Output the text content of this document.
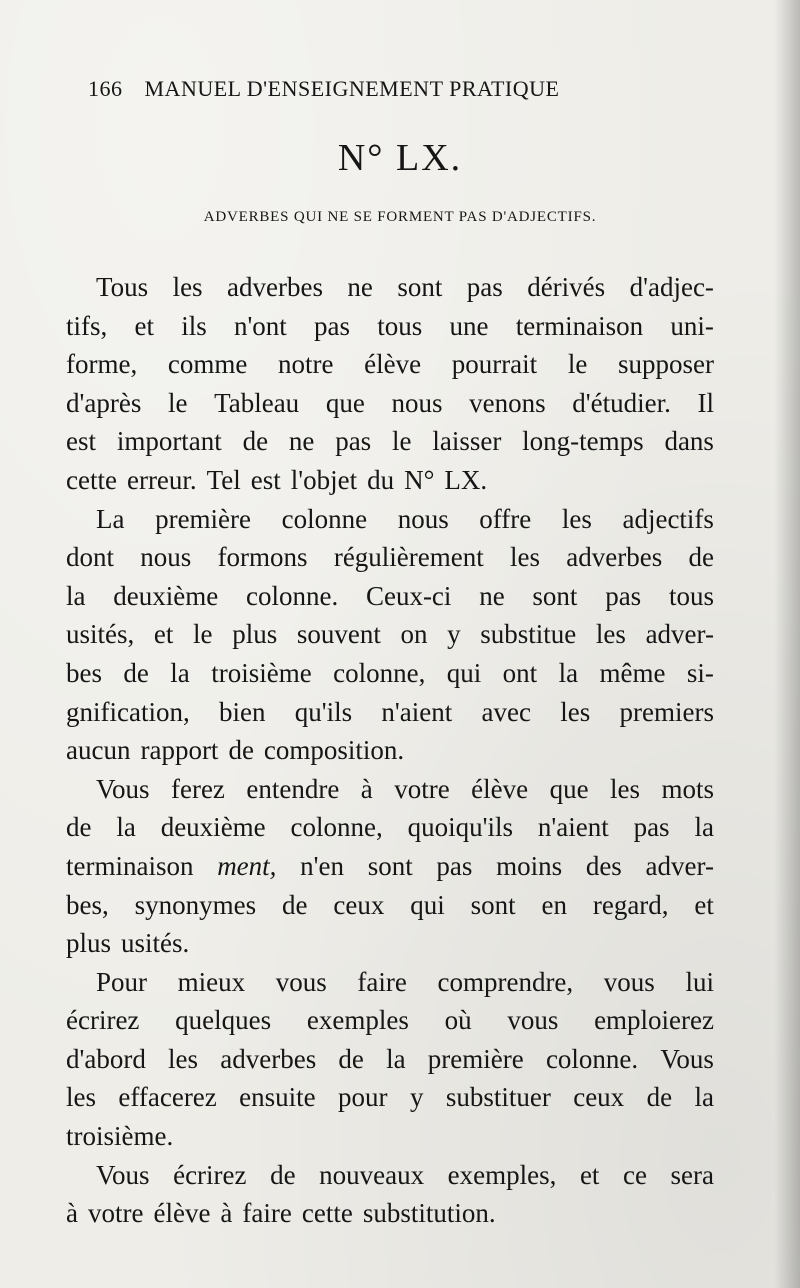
166 MANUEL D'ENSEIGNEMENT PRATIQUE
N° LX.
ADVERBES QUI NE SE FORMENT PAS D'ADJECTIFS.
Tous les adverbes ne sont pas dérivés d'adjec-
tifs, et ils n'ont pas tous une terminaison uni-
forme, comme notre élève pourrait le supposer
d'après le Tableau que nous venons d'étudier. Il
est important de ne pas le laisser long-temps dans
cette erreur. Tel est l'objet du N° LX.
La première colonne nous offre les adjectifs
dont nous formons régulièrement les adverbes de
la deuxième colonne. Ceux-ci ne sont pas tous
usités, et le plus souvent on y substitue les adver-
bes de la troisième colonne, qui ont la même si-
gnification, bien qu'ils n'aient avec les premiers
aucun rapport de composition.
Vous ferez entendre à votre élève que les mots
de la deuxième colonne, quoiqu'ils n'aient pas la
terminaison ment, n'en sont pas moins des adver-
bes, synonymes de ceux qui sont en regard, et
plus usités.
Pour mieux vous faire comprendre, vous lui
écrirez quelques exemples où vous emploierez
d'abord les adverbes de la première colonne. Vous
les effacerez ensuite pour y substituer ceux de la
troisième.
Vous écrirez de nouveaux exemples, et ce sera
à votre élève à faire cette substitution.
